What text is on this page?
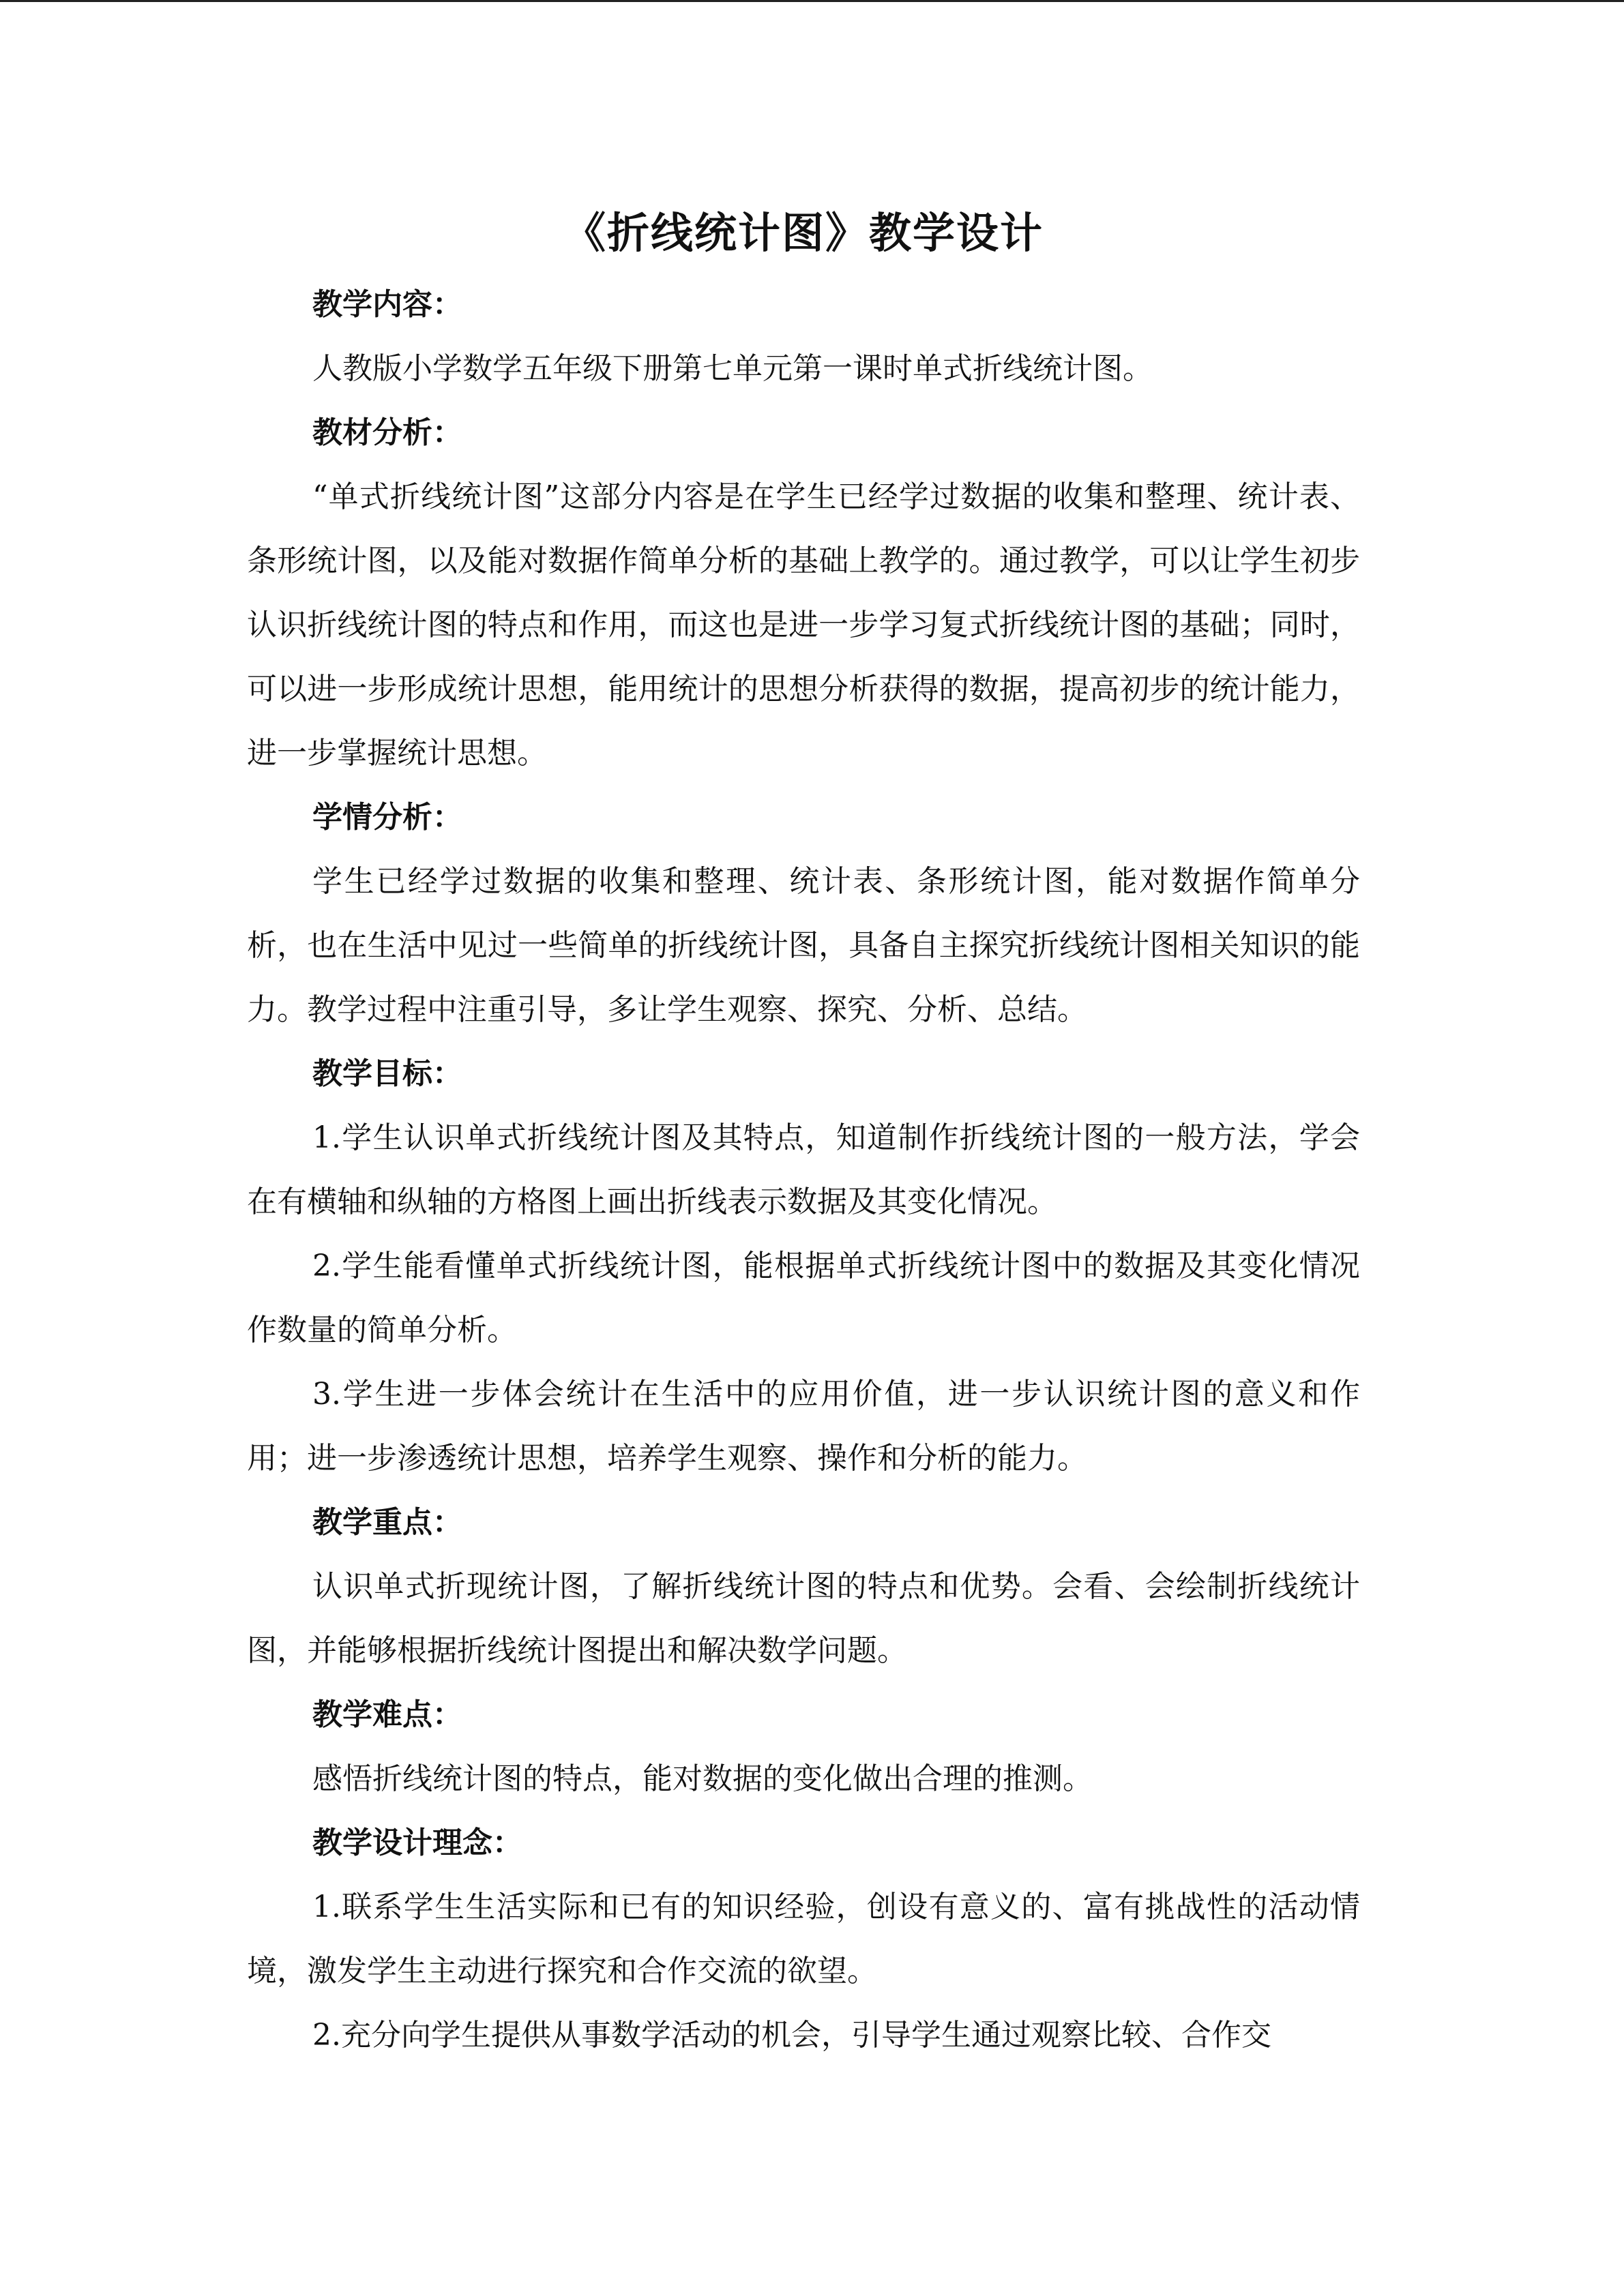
《折线统计图》教学设计

教学内容：

人教版小学数学五年级下册第七单元第一课时单式折线统计图。

教材分析：

“单式折线统计图”这部分内容是在学生已经学过数据的收集和整理、统计表、条形统计图，以及能对数据作简单分析的基础上教学的。通过教学，可以让学生初步认识折线统计图的特点和作用，而这也是进一步学习复式折线统计图的基础；同时，可以进一步形成统计思想，能用统计的思想分析获得的数据，提高初步的统计能力，进一步掌握统计思想。

学情分析：

学生已经学过数据的收集和整理、统计表、条形统计图，能对数据作简单分析，也在生活中见过一些简单的折线统计图，具备自主探究折线统计图相关知识的能力。教学过程中注重引导，多让学生观察、探究、分析、总结。

教学目标：

1.学生认识单式折线统计图及其特点，知道制作折线统计图的一般方法，学会在有横轴和纵轴的方格图上画出折线表示数据及其变化情况。

2.学生能看懂单式折线统计图，能根据单式折线统计图中的数据及其变化情况作数量的简单分析。

3.学生进一步体会统计在生活中的应用价值，进一步认识统计图的意义和作用；进一步渗透统计思想，培养学生观察、操作和分析的能力。

教学重点：

认识单式折现统计图，了解折线统计图的特点和优势。会看、会绘制折线统计图，并能够根据折线统计图提出和解决数学问题。

教学难点：

感悟折线统计图的特点，能对数据的变化做出合理的推测。

教学设计理念：

1.联系学生生活实际和已有的知识经验，创设有意义的、富有挑战性的活动情境，激发学生主动进行探究和合作交流的欲望。

2.充分向学生提供从事数学活动的机会，引导学生通过观察比较、合作交
